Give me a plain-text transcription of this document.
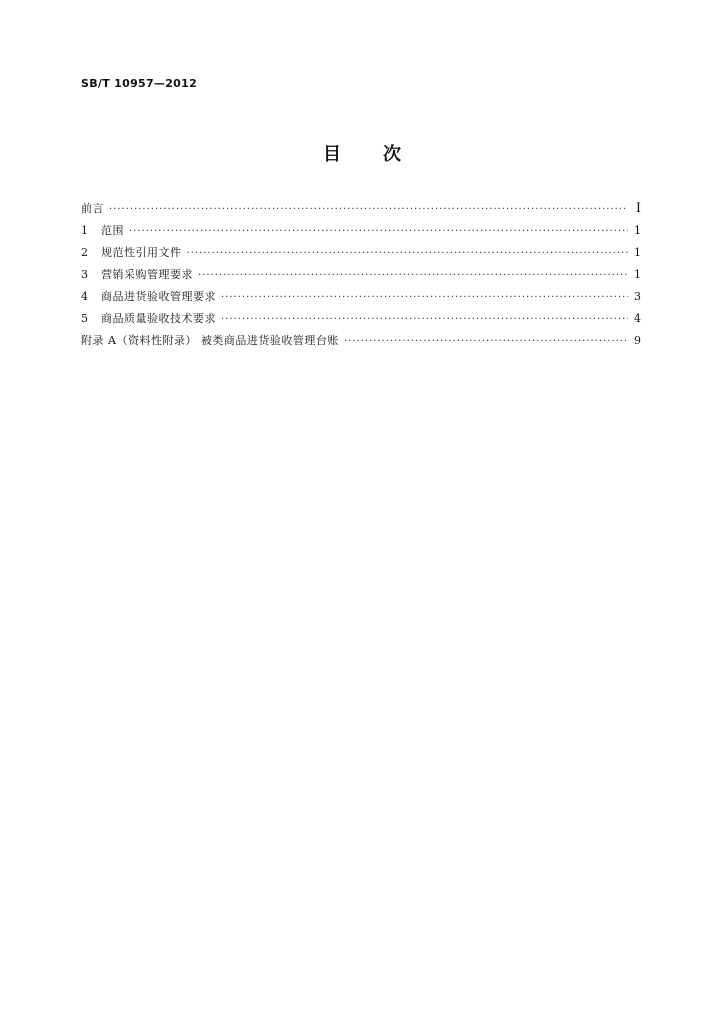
SB/T 10957—2012
目 次
前言 ·····	Ⅰ
1	范围 ·····	1
2	规范性引用文件 ·····	1
3	营销采购管理要求 ·····	1
4	商品进货验收管理要求 ·····	3
5	商品质量验收技术要求 ·····	4
附录 A（资料性附录） 被类商品进货验收管理台账 ·····	9
